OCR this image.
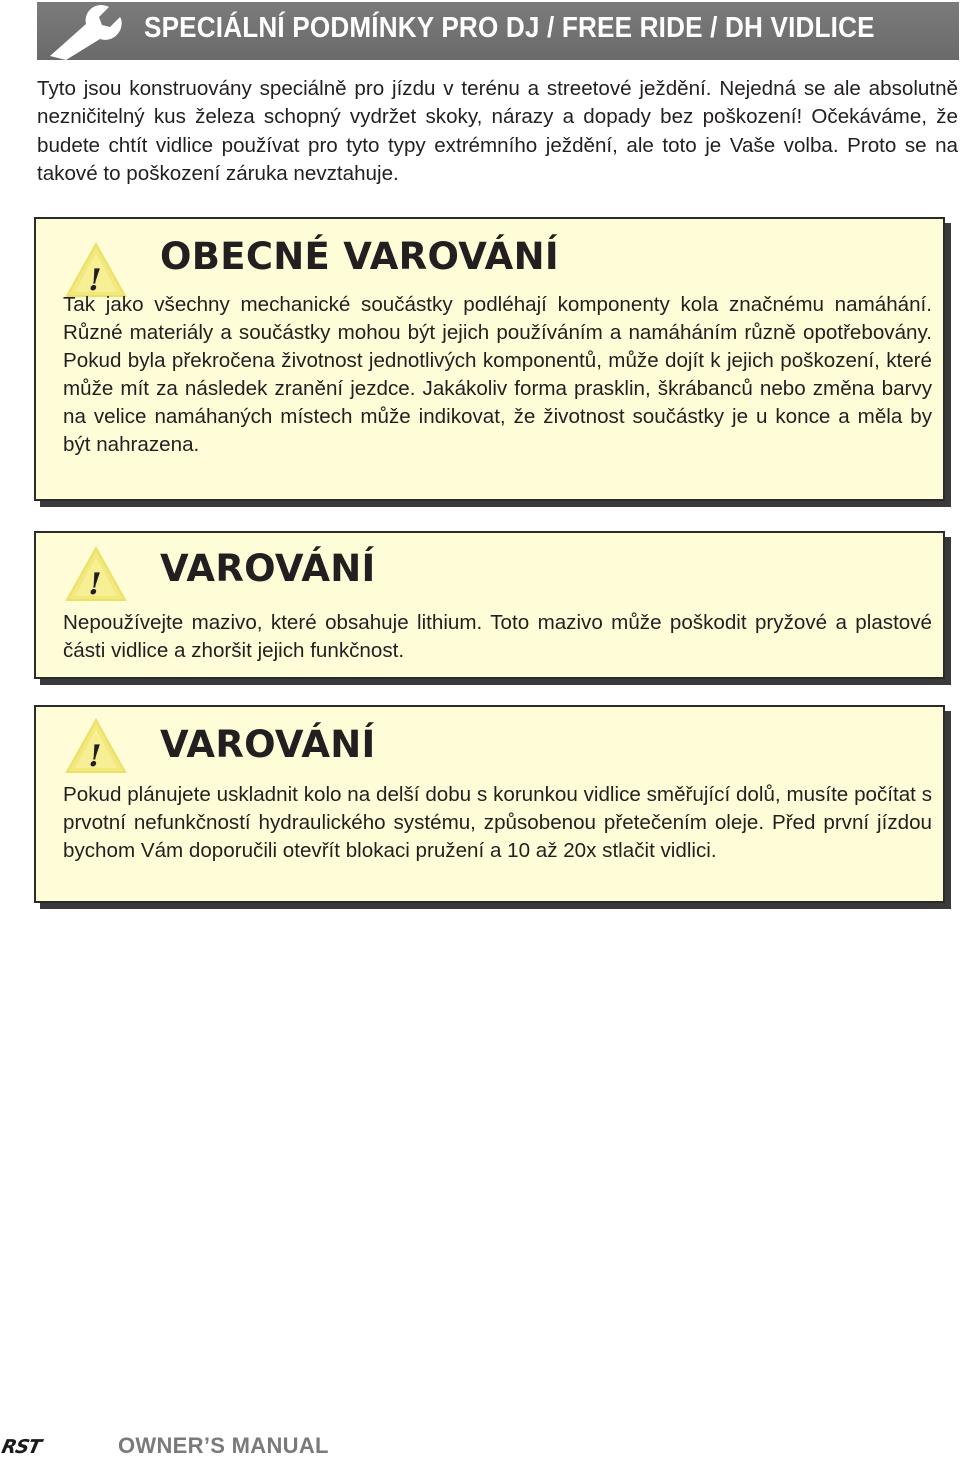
SPECIÁLNÍ PODMÍNKY PRO DJ / FREE RIDE / DH VIDLICE

Tyto jsou konstruovány speciálně pro jízdu v terénu a streetové ježdění. Nejedná se ale absolutně nezničitelný kus železa schopný vydržet skoky, nárazy a dopady bez poškození! Očekáváme, že budete chtít vidlice používat pro tyto typy extrémního ježdění, ale toto je Vaše volba. Proto se na takové to poškození záruka nevztahuje.

!
OBECNÉ VAROVÁNÍ

Tak jako všechny mechanické součástky podléhají komponenty kola značnému namáhání. Různé materiály a součástky mohou být jejich používáním a namáháním různě opotřebovány. Pokud byla překročena životnost jednotlivých komponentů, může dojít k jejich poškození, které může mít za následek zranění jezdce. Jakákoliv forma prasklin, škrábanců nebo změna barvy na velice namáhaných místech může indikovat, že životnost součástky je u konce a měla by být nahrazena.

! VAROVÁNÍ

Nepoužívejte mazivo, které obsahuje lithium. Toto mazivo může poškodit pryžové a plastové části vidlice a zhoršit jejich funkčnost.

! VAROVÁNÍ

Pokud plánujete uskladnit kolo na delší dobu s korunkou vidlice směřující dolů, musíte počítat s prvotní nefunkčností hydraulického systému, způsobenou přetečením oleje. Před první jízdou bychom Vám doporučili otevřít blokaci pružení a 10 až 20x stlačit vidlici.

RST	OWNER’S MANUAL
